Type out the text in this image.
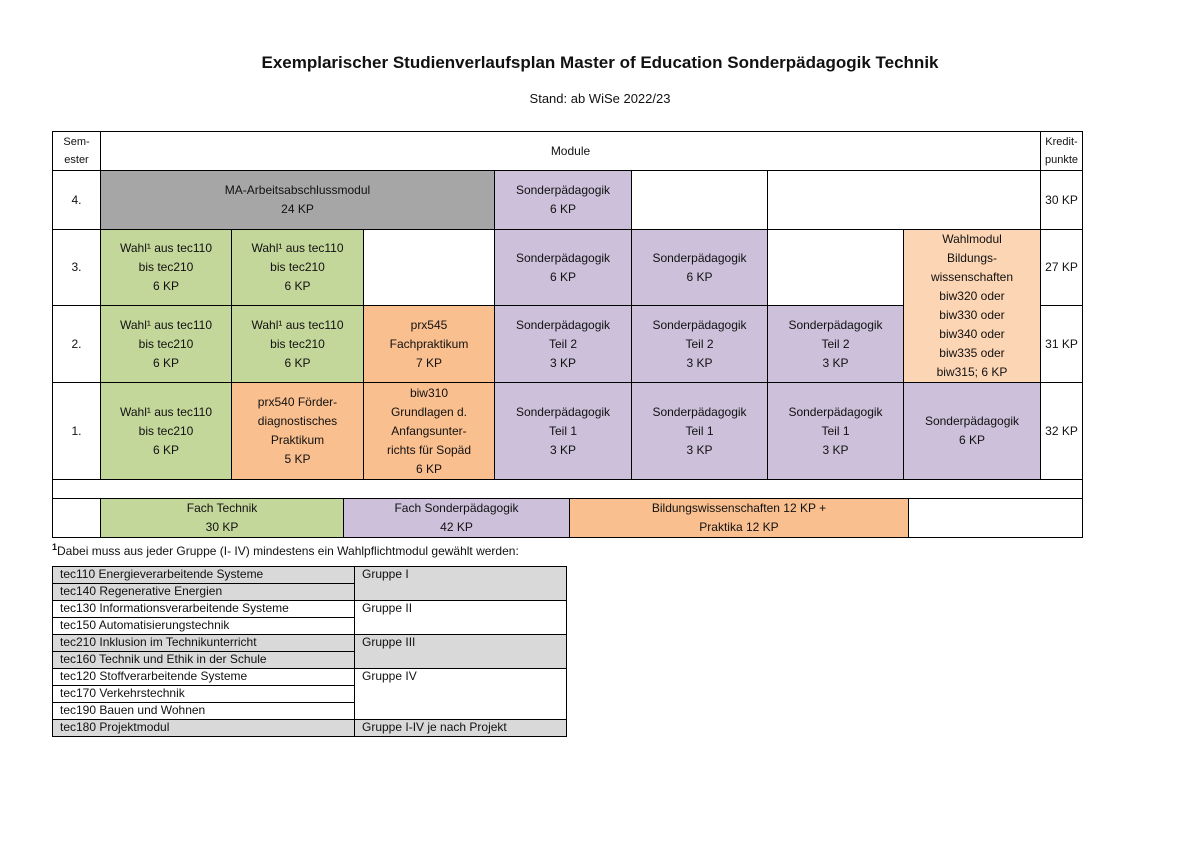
Exemplarischer Studienverlaufsplan Master of Education Sonderpädagogik Technik
Stand: ab WiSe 2022/23
Sem-
ester
Module
Kredit-
punkte
4.
MA-Arbeitsabschlussmodul
24 KP
Sonderpädagogik
6 KP
30 KP
3.
Wahl¹ aus tec110
bis tec210
6 KP
Wahl¹ aus tec110
bis tec210
6 KP
Sonderpädagogik
6 KP
Sonderpädagogik
6 KP
Wahlmodul
Bildungs-
wissenschaften
biw320 oder
biw330 oder
biw340 oder
biw335 oder
biw315; 6 KP
27 KP
2.
Wahl¹ aus tec110
bis tec210
6 KP
Wahl¹ aus tec110
bis tec210
6 KP
prx545
Fachpraktikum
7 KP
Sonderpädagogik
Teil 2
3 KP
Sonderpädagogik
Teil 2
3 KP
Sonderpädagogik
Teil 2
3 KP
31 KP
1.
Wahl¹ aus tec110
bis tec210
6 KP
prx540 Förder-
diagnostisches
Praktikum
5 KP
biw310
Grundlagen d.
Anfangsunter-
richts für Sopäd
6 KP
Sonderpädagogik
Teil 1
3 KP
Sonderpädagogik
Teil 1
3 KP
Sonderpädagogik
Teil 1
3 KP
Sonderpädagogik
6 KP
32 KP
Fach Technik
30 KP
Fach Sonderpädagogik
42 KP
Bildungswissenschaften 12 KP +
Praktika 12 KP
$^1$Dabei muss aus jeder Gruppe (I- IV) mindestens ein Wahlpflichtmodul gewählt werden:
tec110 Energieverarbeitende Systeme
tec140 Regenerative Energien
tec130 Informationsverarbeitende Systeme
tec150 Automatisierungstechnik
tec210 Inklusion im Technikunterricht
tec160 Technik und Ethik in der Schule
tec120 Stoffverarbeitende Systeme
tec170 Verkehrstechnik
tec190 Bauen und Wohnen
tec180 Projektmodul
Gruppe I
Gruppe II
Gruppe III
Gruppe IV
Gruppe I-IV je nach Projekt
